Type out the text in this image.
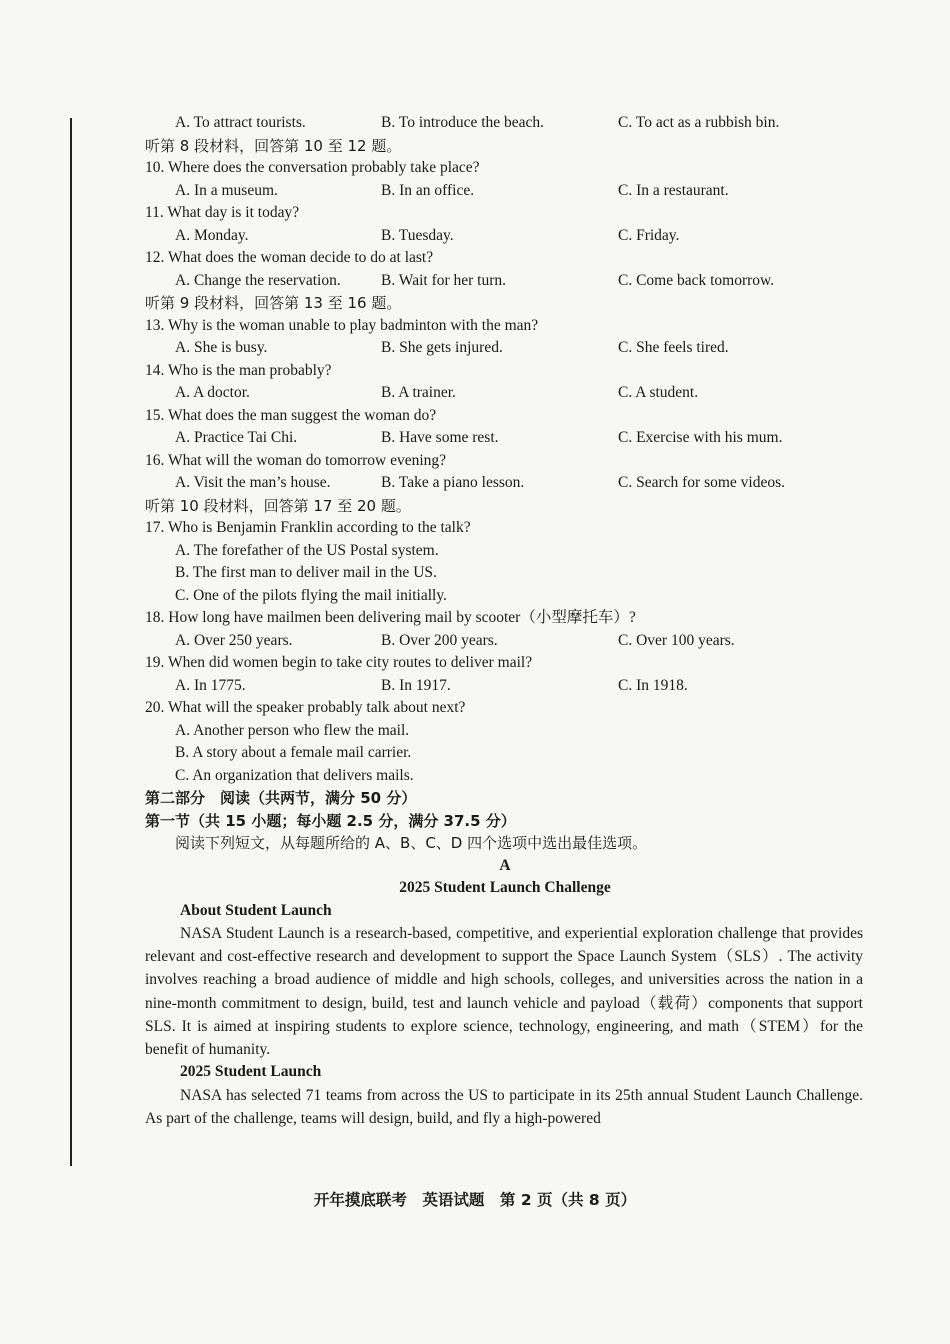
A. To attract tourists.	B. To introduce the beach.	C. To act as a rubbish bin.
听第 8 段材料，回答第 10 至 12 题。
10. Where does the conversation probably take place?
A. In a museum.	B. In an office.	C. In a restaurant.
11. What day is it today?
A. Monday.	B. Tuesday.	C. Friday.
12. What does the woman decide to do at last?
A. Change the reservation.	B. Wait for her turn.	C. Come back tomorrow.
听第 9 段材料，回答第 13 至 16 题。
13. Why is the woman unable to play badminton with the man?
A. She is busy.	B. She gets injured.	C. She feels tired.
14. Who is the man probably?
A. A doctor.	B. A trainer.	C. A student.
15. What does the man suggest the woman do?
A. Practice Tai Chi.	B. Have some rest.	C. Exercise with his mum.
16. What will the woman do tomorrow evening?
A. Visit the man’s house.	B. Take a piano lesson.	C. Search for some videos.
听第 10 段材料，回答第 17 至 20 题。
17. Who is Benjamin Franklin according to the talk?
A. The forefather of the US Postal system.
B. The first man to deliver mail in the US.
C. One of the pilots flying the mail initially.
18. How long have mailmen been delivering mail by scooter（小型摩托车）?
A. Over 250 years.	B. Over 200 years.	C. Over 100 years.
19. When did women begin to take city routes to deliver mail?
A. In 1775.	B. In 1917.	C. In 1918.
20. What will the speaker probably talk about next?
A. Another person who flew the mail.
B. A story about a female mail carrier.
C. An organization that delivers mails.
第二部分　阅读（共两节，满分 50 分）
第一节（共 15 小题；每小题 2.5 分，满分 37.5 分）
阅读下列短文，从每题所给的 A、B、C、D 四个选项中选出最佳选项。
A
2025 Student Launch Challenge
About Student Launch

NASA Student Launch is a research-based, competitive, and experiential exploration challenge that provides relevant and cost-effective research and development to support the Space Launch System（SLS）. The activity involves reaching a broad audience of middle and high schools, colleges, and universities across the nation in a nine-month commitment to design, build, test and launch vehicle and payload（载荷）components that support SLS. It is aimed at inspiring students to explore science, technology, engineering, and math（STEM）for the benefit of humanity.

2025 Student Launch

NASA has selected 71 teams from across the US to participate in its 25th annual Student Launch Challenge. As part of the challenge, teams will design, build, and fly a high-powered

开年摸底联考　英语试题　第 2 页（共 8 页）
